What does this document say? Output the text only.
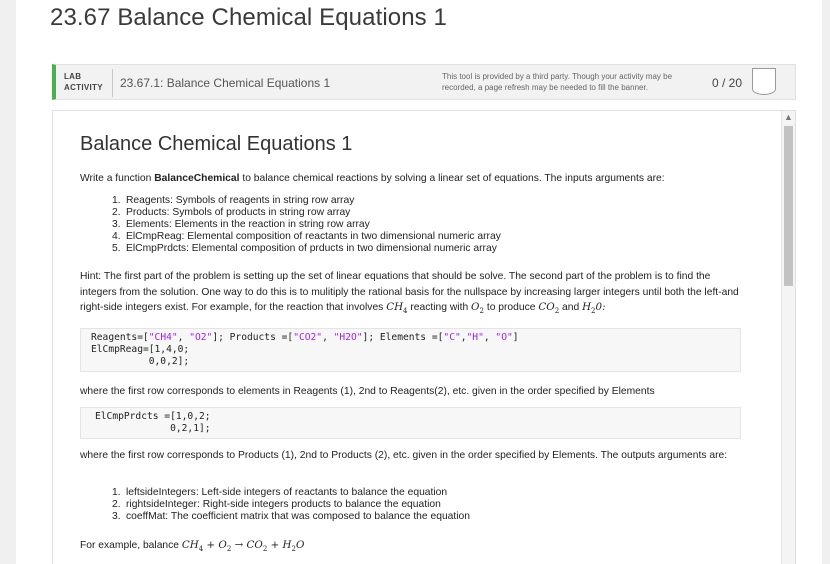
23.67 Balance Chemical Equations 1
LAB
ACTIVITY	23.67.1: Balance Chemical Equations 1	This tool is provided by a third party. Though your activity may be recorded, a page refresh may be needed to fill the banner.	0 / 20
Balance Chemical Equations 1
Write a function BalanceChemical to balance chemical reactions by solving a linear set of equations. The inputs arguments are:
1. Reagents: Symbols of reagents in string row array
2. Products: Symbols of products in string row array
3. Elements: Elements in the reaction in string row array
4. ElCmpReag: Elemental composition of reactants in two dimensional numeric array
5. ElCmpPrdcts: Elemental composition of prducts in two dimensional numeric array
Hint: The first part of the problem is setting up the set of linear equations that should be solve. The second part of the problem is to find the integers from the solution. One way to do this is to mulitiply the rational basis for the nullspace by increasing larger integers until both the left-and right-side integers exist. For example, for the reaction that involves $CH_4$ reacting with $O_2$ to produce $CO_2$ and $H_20$:
Reagents=["CH4", "O2"]; Products =["CO2", "H2O"]; Elements =["C","H", "O"]
ElCmpReag=[1,4,0;
0,0,2];
where the first row corresponds to elements in Reagents (1), 2nd to Reagents(2), etc. given in the order specified by Elements
ElCmpPrdcts =[1,0,2;
0,2,1];
where the first row corresponds to Products (1), 2nd to Products (2), etc. given in the order specified by Elements. The outputs arguments are:
1. leftsideIntegers: Left-side integers of reactants to balance the equation
2. rightsideInteger: Right-side integers products to balance the equation
3. coeffMat: The coefficient matrix that was composed to balance the equation
For example, balance $CH_4 + O_2 \to CO_2 + H_2O$
▲
